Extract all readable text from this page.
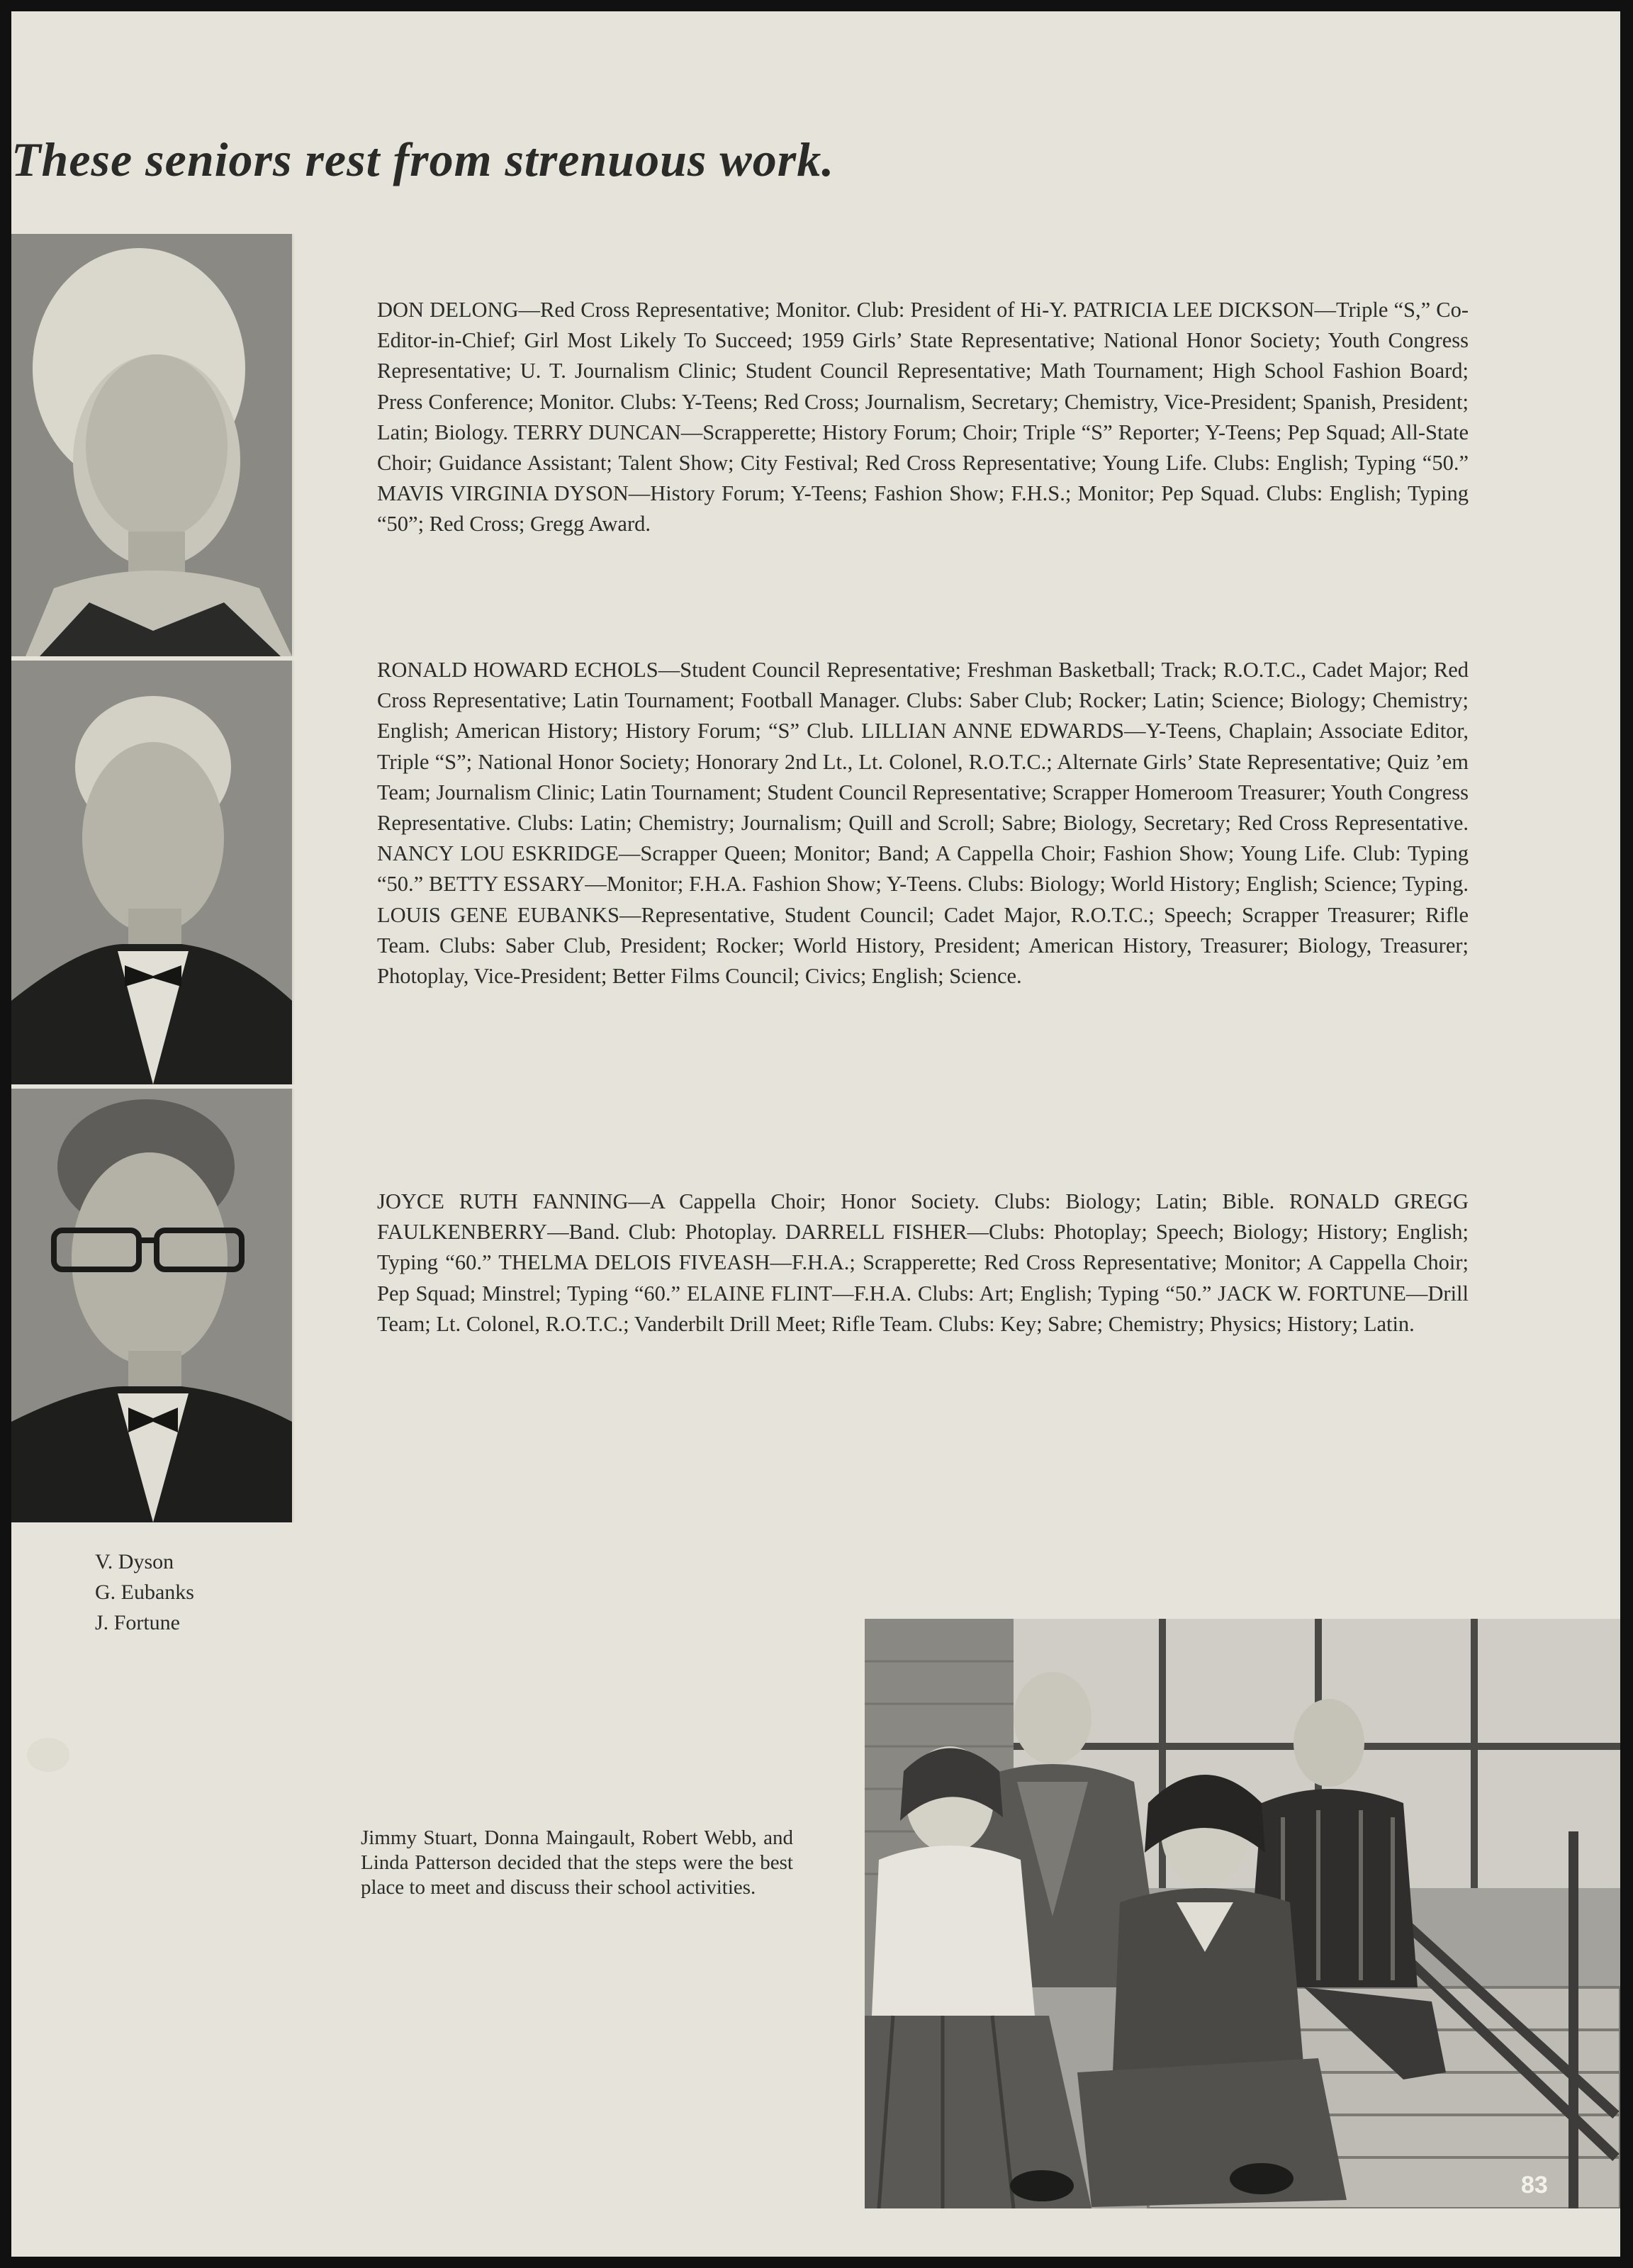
These seniors rest from strenuous work.

DON DELONG—Red Cross Representative; Monitor. Club: President of Hi-Y. PATRICIA LEE DICKSON—Triple “S,” Co-Editor-in-Chief; Girl Most Likely To Succeed; 1959 Girls’ State Representative; National Honor Society; Youth Congress Representative; U. T. Journalism Clinic; Student Council Representative; Math Tournament; High School Fashion Board; Press Conference; Monitor. Clubs: Y-Teens; Red Cross; Journalism, Secretary; Chemistry, Vice-President; Spanish, President; Latin; Biology. TERRY DUNCAN—Scrapperette; History Forum; Choir; Triple “S” Reporter; Y-Teens; Pep Squad; All-State Choir; Guidance Assistant; Talent Show; City Festival; Red Cross Representative; Young Life. Clubs: English; Typing “50.” MAVIS VIRGINIA DYSON—History Forum; Y-Teens; Fashion Show; F.H.S.; Monitor; Pep Squad. Clubs: English; Typing “50”; Red Cross; Gregg Award.

RONALD HOWARD ECHOLS—Student Council Representative; Freshman Basketball; Track; R.O.T.C., Cadet Major; Red Cross Representative; Latin Tournament; Football Manager. Clubs: Saber Club; Rocker; Latin; Science; Biology; Chemistry; English; American History; History Forum; “S” Club. LILLIAN ANNE EDWARDS—Y-Teens, Chaplain; Associate Editor, Triple “S”; National Honor Society; Honorary 2nd Lt., Lt. Colonel, R.O.T.C.; Alternate Girls’ State Representative; Quiz ’em Team; Journalism Clinic; Latin Tournament; Student Council Representative; Scrapper Homeroom Treasurer; Youth Congress Representative. Clubs: Latin; Chemistry; Journalism; Quill and Scroll; Sabre; Biology, Secretary; Red Cross Representative. NANCY LOU ESKRIDGE—Scrapper Queen; Monitor; Band; A Cappella Choir; Fashion Show; Young Life. Club: Typing “50.” BETTY ESSARY—Monitor; F.H.A. Fashion Show; Y-Teens. Clubs: Biology; World History; English; Science; Typing. LOUIS GENE EUBANKS—Representative, Student Council; Cadet Major, R.O.T.C.; Speech; Scrapper Treasurer; Rifle Team. Clubs: Saber Club, President; Rocker; World History, President; American History, Treasurer; Biology, Treasurer; Photoplay, Vice-President; Better Films Council; Civics; English; Science.

JOYCE RUTH FANNING—A Cappella Choir; Honor Society. Clubs: Biology; Latin; Bible. RONALD GREGG FAULKENBERRY—Band. Club: Photoplay. DARRELL FISHER—Clubs: Photoplay; Speech; Biology; History; English; Typing “60.” THELMA DELOIS FIVEASH—F.H.A.; Scrapperette; Red Cross Representative; Monitor; A Cappella Choir; Pep Squad; Minstrel; Typing “60.” ELAINE FLINT—F.H.A. Clubs: Art; English; Typing “50.” JACK W. FORTUNE—Drill Team; Lt. Colonel, R.O.T.C.; Vanderbilt Drill Meet; Rifle Team. Clubs: Key; Sabre; Chemistry; Physics; History; Latin.

V. Dyson
G. Eubanks
J. Fortune

Jimmy Stuart, Donna Maingault, Robert Webb, and Linda Patterson decided that the steps were the best place to meet and discuss their school activities.

83
